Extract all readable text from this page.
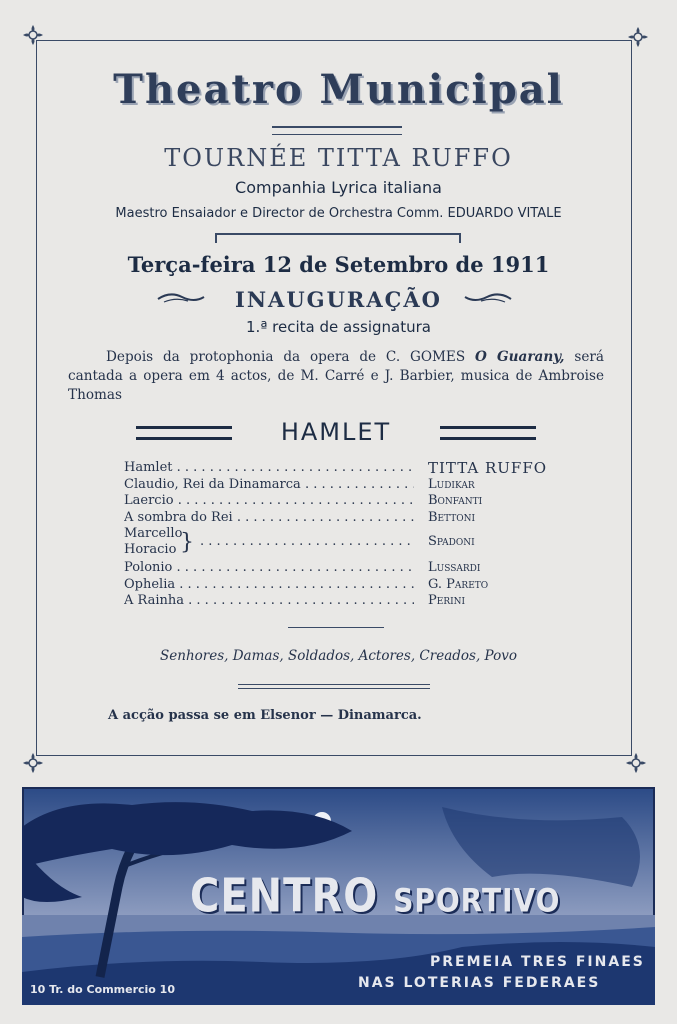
Theatro Municipal
TOURNÉE TITTA RUFFO
Companhia Lyrica italiana
Maestro Ensaiador e Director de Orchestra Comm. EDUARDO VITALE
Terça-feira 12 de Setembro de 1911
INAUGURAÇÃO
1.ª recita de assignatura
Depois da protophonia da opera de C. GOMES O Guarany, será cantada a opera em 4 actos, de M. Carré e J. Barbier, musica de Ambroise Thomas
HAMLET
Hamlet . . .	TITTA RUFFO
Claudio, Rei da Dinamarca . . .	Ludikar
Laercio . . .	Bonfanti
A sombra do Rei . . .	Bettoni
Marcello
Horacio }
. . .	Spadoni
Polonio . . .	Lussardi
Ophelia . . .	G. Pareto
A Rainha . . .	Perini
Senhores, Damas, Soldados, Actores, Creados, Povo
A acção passa se em Elsenor — Dinamarca.
CENTRO SPORTIVO
PREMEIA TRES FINAES
NAS LOTERIAS FEDERAES
10 Tr. do Commercio 10
